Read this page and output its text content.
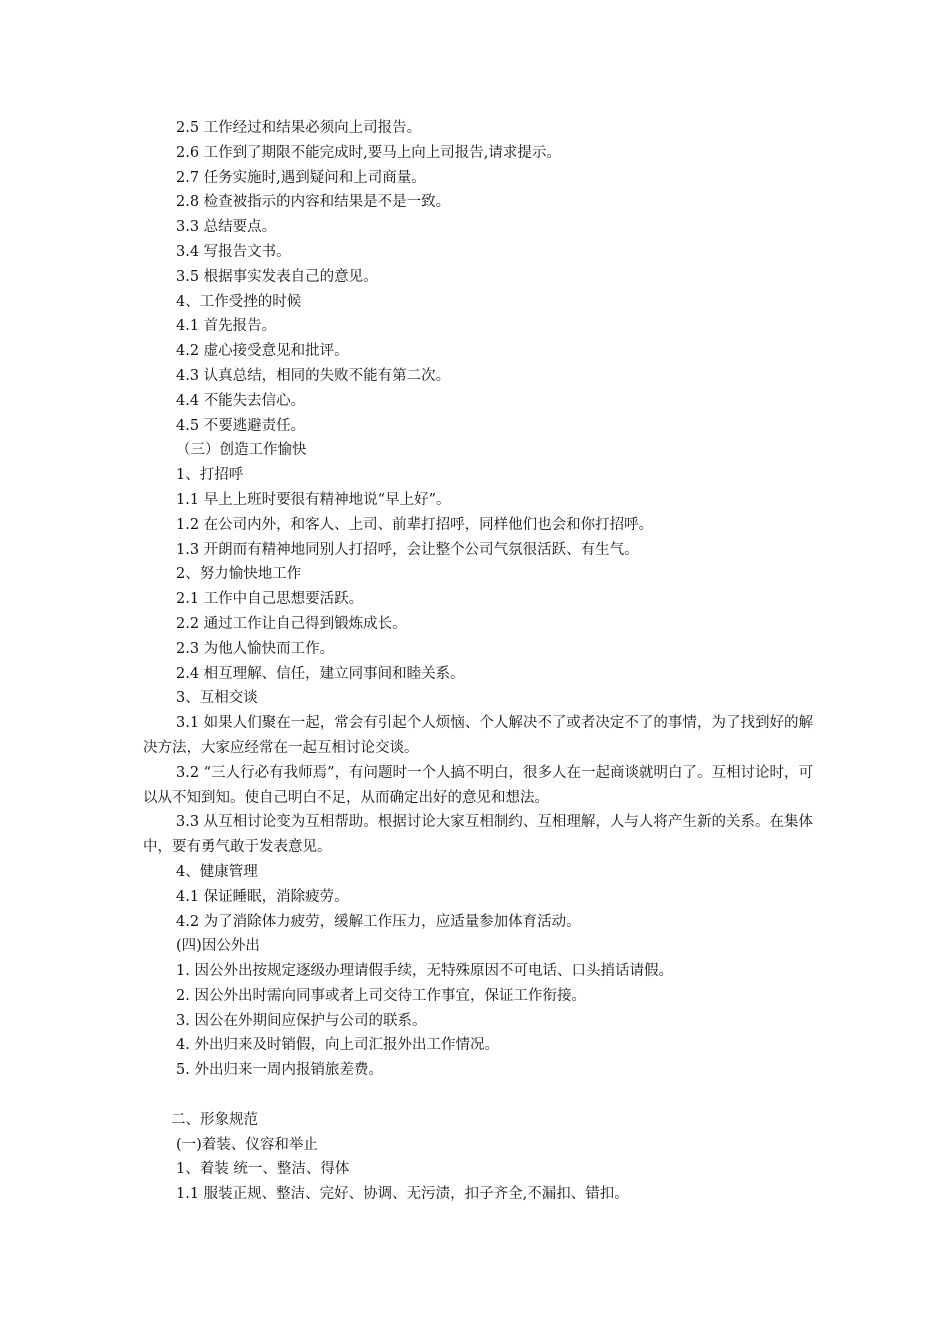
2.5 工作经过和结果必须向上司报告。
2.6 工作到了期限不能完成时,要马上向上司报告,请求提示。
2.7 任务实施时,遇到疑问和上司商量。
2.8 检查被指示的内容和结果是不是一致。
3.3 总结要点。
3.4 写报告文书。
3.5 根据事实发表自己的意见。
4、工作受挫的时候
4.1 首先报告。
4.2 虚心接受意见和批评。
4.3 认真总结，相同的失败不能有第二次。
4.4 不能失去信心。
4.5 不要逃避责任。
（三）创造工作愉快
1、打招呼
1.1 早上上班时要很有精神地说“早上好”。
1.2 在公司内外，和客人、上司、前辈打招呼，同样他们也会和你打招呼。
1.3 开朗而有精神地同别人打招呼，会让整个公司气氛很活跃、有生气。
2、努力愉快地工作
2.1 工作中自己思想要活跃。
2.2 通过工作让自己得到锻炼成长。
2.3 为他人愉快而工作。
2.4 相互理解、信任，建立同事间和睦关系。
3、互相交谈
3.1 如果人们聚在一起，常会有引起个人烦恼、个人解决不了或者决定不了的事情，为了找到好的解决方法，大家应经常在一起互相讨论交谈。
3.2 “三人行必有我师焉”，有问题时一个人搞不明白，很多人在一起商谈就明白了。互相讨论时，可以从不知到知。使自己明白不足，从而确定出好的意见和想法。
3.3 从互相讨论变为互相帮助。根据讨论大家互相制约、互相理解，人与人将产生新的关系。在集体中，要有勇气敢于发表意见。
4、健康管理
4.1 保证睡眠，消除疲劳。
4.2 为了消除体力疲劳，缓解工作压力，应适量参加体育活动。
(四)因公外出
1. 因公外出按规定逐级办理请假手续，无特殊原因不可电话、口头捎话请假。
2. 因公外出时需向同事或者上司交待工作事宜，保证工作衔接。
3. 因公在外期间应保护与公司的联系。
4. 外出归来及时销假，向上司汇报外出工作情况。
5. 外出归来一周内报销旅差费。
二、形象规范
(一)着装、仪容和举止
1、着装 统一、整洁、得体
1.1 服装正规、整洁、完好、协调、无污渍，扣子齐全,不漏扣、错扣。
